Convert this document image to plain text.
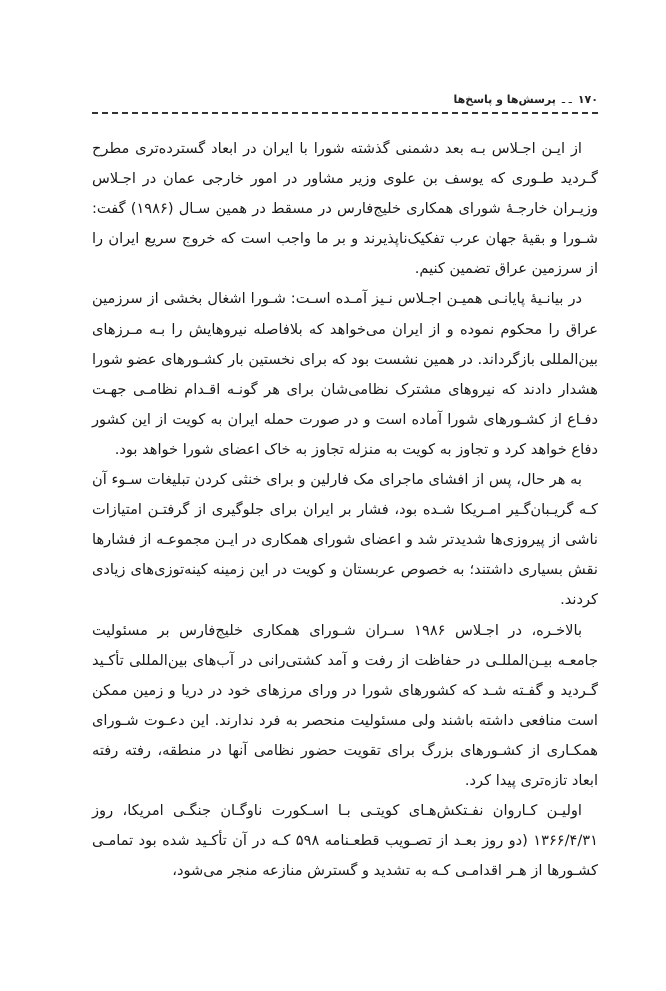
۱۷۰
ـ ـ
پرسش‌ها و پاسخ‌ها

از ایـن اجـلاس بـه بعد دشمنی گذشته شورا با ایران در ابعاد گسترده‌تری مطرح گـردید طـوری که یوسف بن علوی وزیر مشاور در امور خارجی عمان در اجـلاس وزیـران خارجـۀ شورای همکاری خلیج‌فارس در مسقط در همین سـال (۱۹۸۶) گفت: شـورا و بقیۀ جهان عرب تفکیک‌ناپذیرند و بر ما واجب است که خروج سریع ایران را از سرزمین عراق تضمین کنیم.

در بیانـیۀ پایانـی همیـن اجـلاس نـیز آمـده اسـت: شـورا اشغال بخشی از سرزمین عراق را محکوم نموده و از ایران می‌خواهد که بلافاصله نیروهایش را بـه مـرزهای بین‌المللی بازگرداند. در همین نشست بود که برای نخستین بار کشـورهای عضو شورا هشدار دادند که نیروهای مشترک نظامی‌شان برای هر گونـه اقـدام نظامـی جهـت دفـاع از کشـورهای شورا آماده است و در صورت حمله ایران به کویت از این کشور دفاع خواهد کرد و تجاوز به کویت به منزله تجاوز به خاک اعضای شورا خواهد بود.

به هر حال، پس از افشای ماجرای مک فارلین و برای خنثی کردن تبلیغات سـوء آن کـه گریـبان‌گـیر امـریکا شـده بود، فشار بر ایران برای جلوگیری از گرفتـن امتیازات ناشی از پیروزی‌ها شدیدتر شد و اعضای شورای همکاری در ایـن مجموعـه از فشارها نقش بسیاری داشتند؛ به خصوص عربستان و کویت در این زمینه کینه‌توزی‌های زیادی کردند.

بالاخـره، در اجـلاس ۱۹۸۶ سـران شـورای همکاری خلیج‌فارس بر مسئولیت جامعـه بیـن‌المللـی در حفاظت از رفت و آمد کشتی‌رانی در آب‌های بین‌المللی تأکـید گـردید و گفـته شـد که کشورهای شورا در ورای مرزهای خود در دریا و زمین ممکن است منافعی داشته باشند ولی مسئولیت منحصر به فرد ندارند. این دعـوت شـورای همکـاری از کشـورهای بزرگ برای تقویت حضور نظامی آنها در منطقه، رفته رفته ابعاد تازه‌تری پیدا کرد.

اولیـن کـاروان نفـتکش‌هـای کویتـی بـا اسـکورت ناوگـان جنگـی امریکا، روز ۱۳۶۶/۴/۳۱ (دو روز بعـد از تصـویب قطعـنامه ۵۹۸ کـه در آن تأکـید شده بود تمامـی کشـورها از هـر اقدامـی کـه به تشدید و گسترش منازعه منجر می‌شود،
